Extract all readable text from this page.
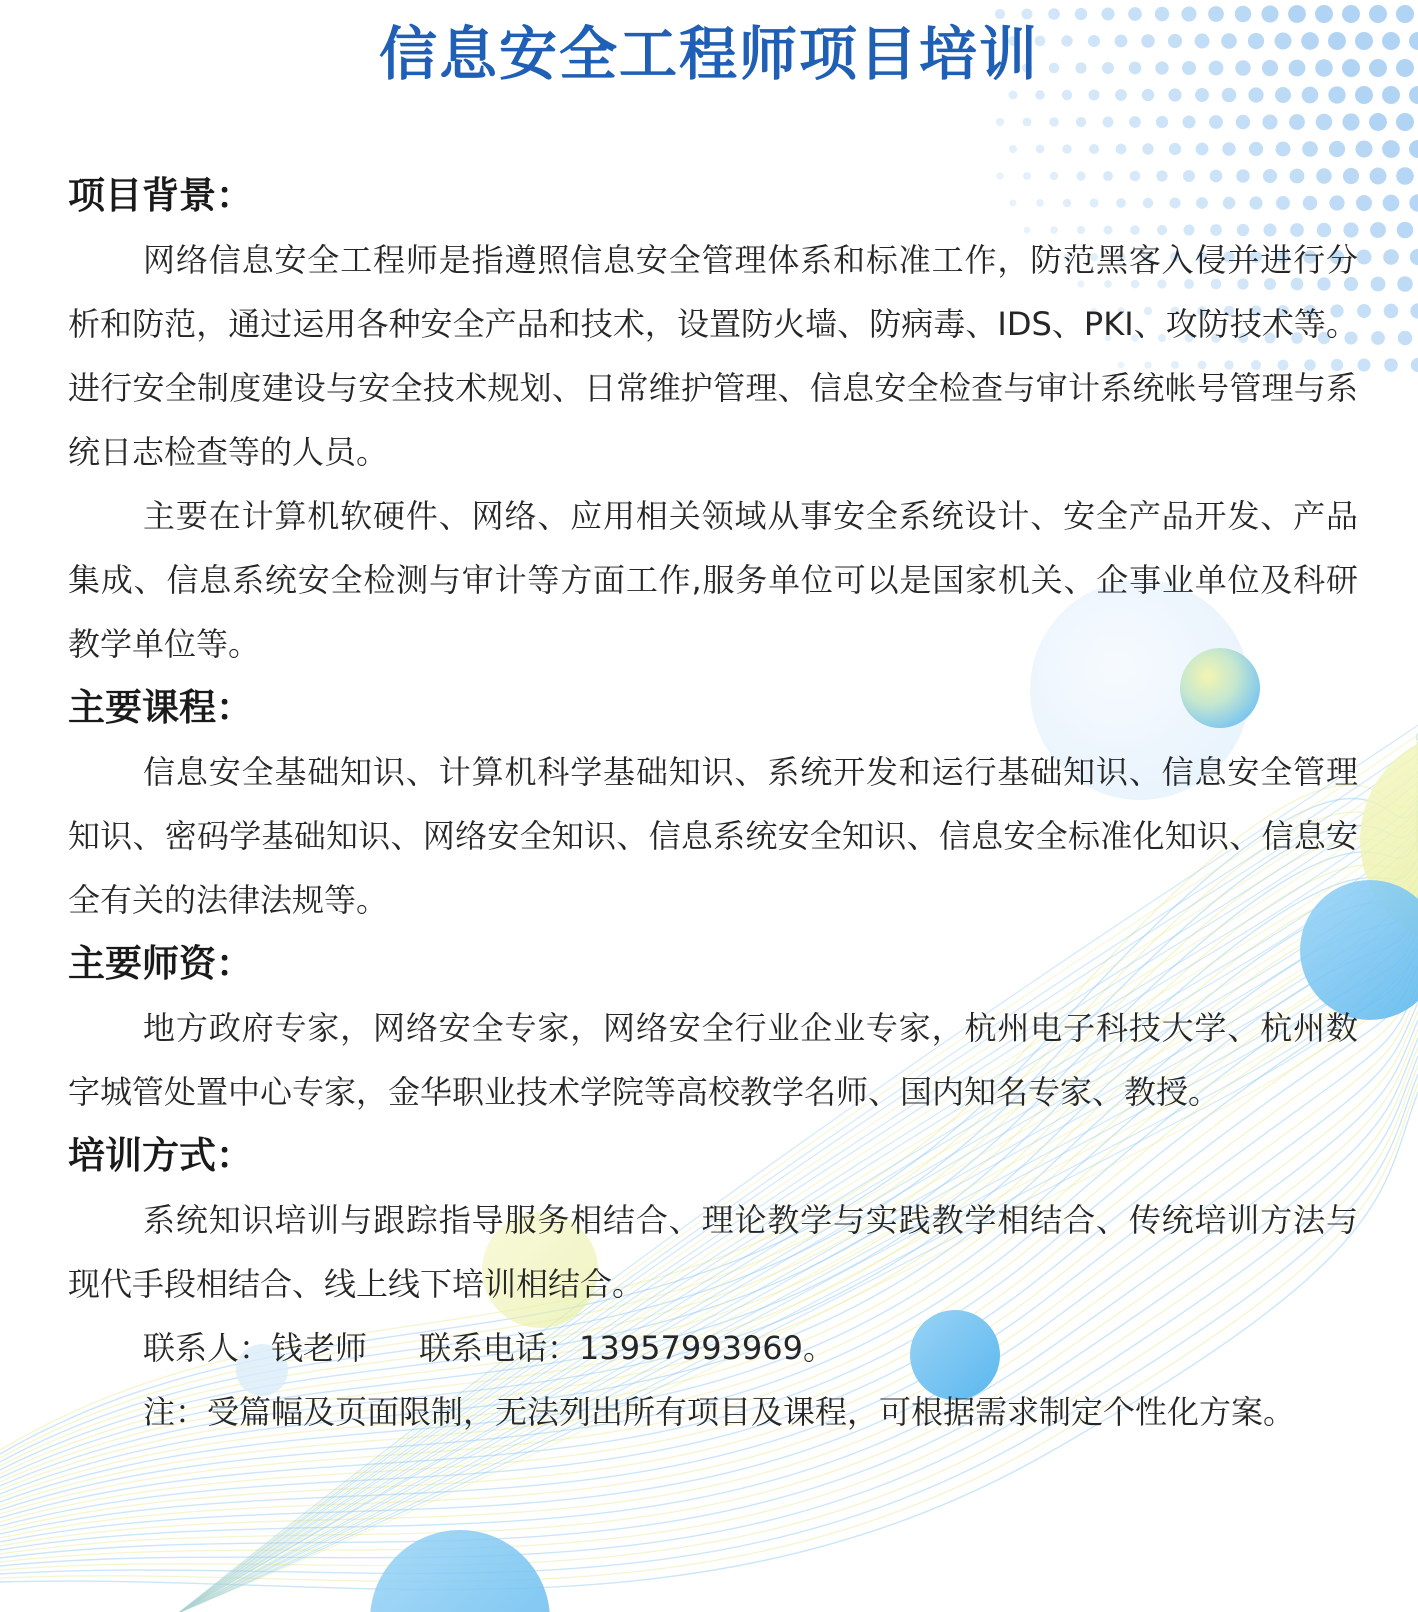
信息安全工程师项目培训
项目背景：

网络信息安全工程师是指遵照信息安全管理体系和标准工作，防范黑客入侵并进行分析和防范，通过运用各种安全产品和技术，设置防火墙、防病毒、IDS、PKI、攻防技术等。进行安全制度建设与安全技术规划、日常维护管理、信息安全检查与审计系统帐号管理与系统日志检查等的人员。

主要在计算机软硬件、网络、应用相关领域从事安全系统设计、安全产品开发、产品集成、信息系统安全检测与审计等方面工作,服务单位可以是国家机关、企事业单位及科研教学单位等。

主要课程：

信息安全基础知识、计算机科学基础知识、系统开发和运行基础知识、信息安全管理知识、密码学基础知识、网络安全知识、信息系统安全知识、信息安全标准化知识、信息安全有关的法律法规等。

主要师资：

地方政府专家，网络安全专家，网络安全行业企业专家，杭州电子科技大学、杭州数字城管处置中心专家，金华职业技术学院等高校教学名师、国内知名专家、教授。

培训方式：

系统知识培训与跟踪指导服务相结合、理论教学与实践教学相结合、传统培训方法与现代手段相结合、线上线下培训相结合。

联系人：钱老师 联系电话：13957993969。

注：受篇幅及页面限制，无法列出所有项目及课程，可根据需求制定个性化方案。
